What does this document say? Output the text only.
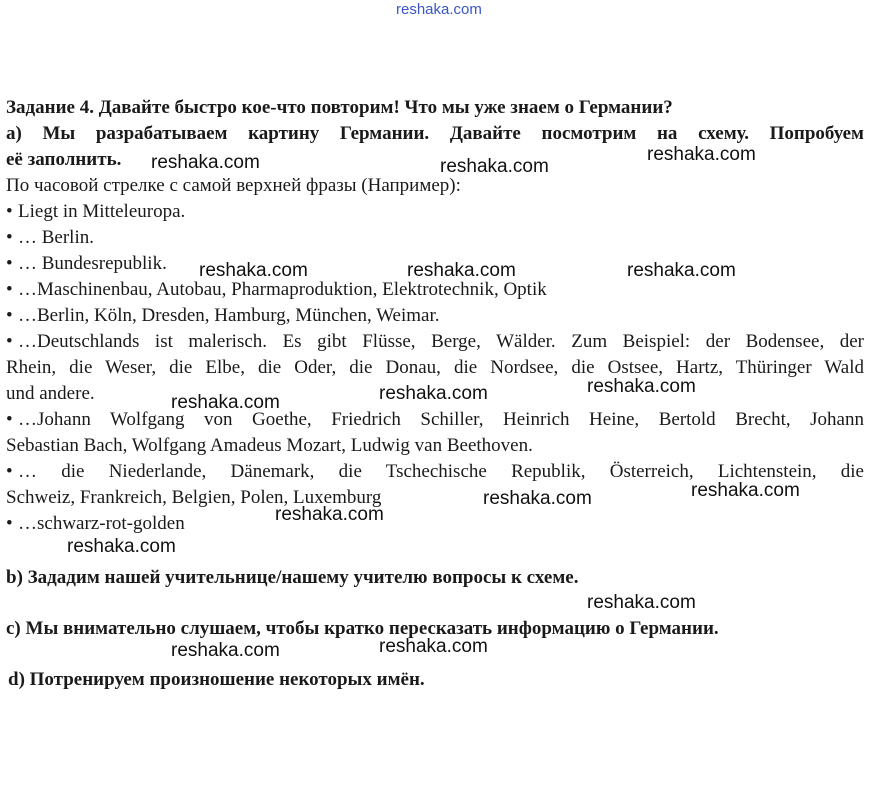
reshaka.com
Задание 4. Давайте быстро кое-что повторим! Что мы уже знаем о Германии?
a) Мы разрабатываем картину Германии. Давайте посмотрим на схему. Попробуем
её заполнить.
По часовой стрелке с самой верхней фразы (Например):
• Liegt in Mitteleuropa.
• … Berlin.
• … Bundesrepublik.
• …Maschinenbau, Autobau, Pharmaproduktion, Elektrotechnik, Optik
• …Berlin, Köln, Dresden, Hamburg, München, Weimar.
• …Deutschlands ist malerisch. Es gibt Flüsse, Berge, Wälder. Zum Beispiel: der Bodensee, der
Rhein, die Weser, die Elbe, die Oder, die Donau, die Nordsee, die Ostsee, Hartz, Thüringer Wald
und andere.
• …Johann Wolfgang von Goethe, Friedrich Schiller, Heinrich Heine, Bertold Brecht, Johann
Sebastian Bach, Wolfgang Amadeus Mozart, Ludwig van Beethoven.
• … die Niederlande, Dänemark, die Tschechische Republik, Österreich, Lichtenstein, die
Schweiz, Frankreich, Belgien, Polen, Luxemburg
• …schwarz-rot-golden
b) Зададим нашей учительнице/нашему учителю вопросы к схеме.
c) Мы внимательно слушаем, чтобы кратко пересказать информацию о Германии.
d) Потренируем произношение некоторых имён.
reshaka.com	reshaka.com
reshaka.com
reshaka.com	reshaka.com	reshaka.com
reshaka.com	reshaka.com
reshaka.com
reshaka.com	reshaka.com
reshaka.com
reshaka.com
reshaka.com
reshaka.com
reshaka.com
